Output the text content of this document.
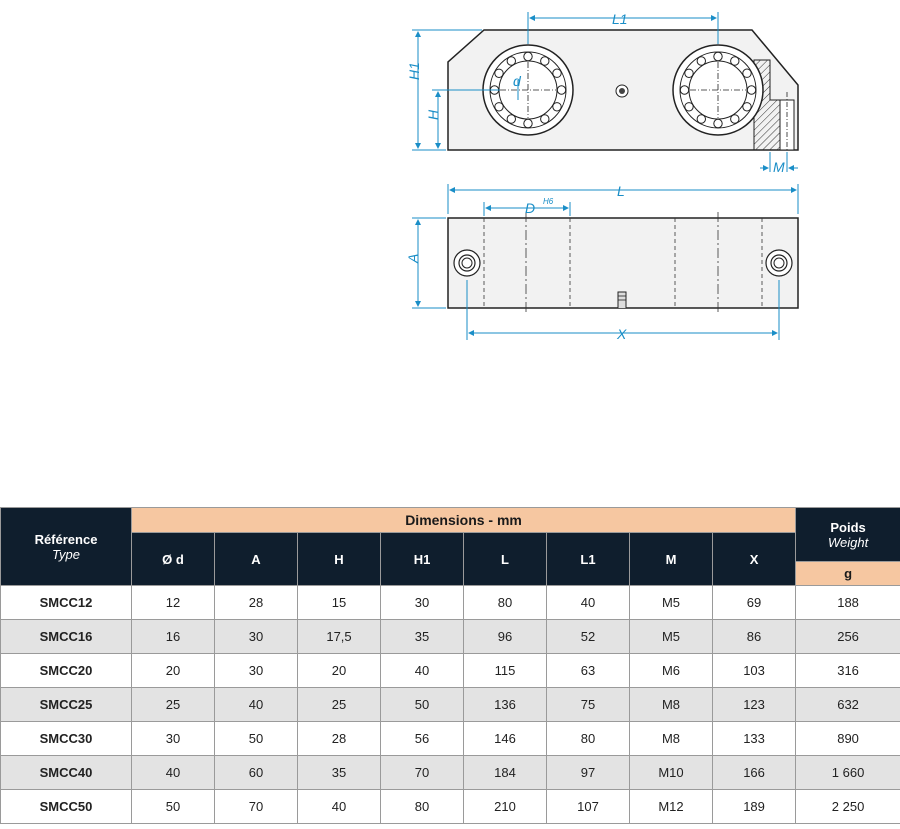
L1
H1
H
d
M
L
D H6
A
X
Référence
Type	Dimensions - mm								Poids
Weight

	Ø d	A	H	H1	L	L1	M	X	
									g
SMCC12	12	28	15	30	80	40	M5	69	188
SMCC16	16	30	17,5	35	96	52	M5	86	256
SMCC20	20	30	20	40	115	63	M6	103	316
SMCC25	25	40	25	50	136	75	M8	123	632
SMCC30	30	50	28	56	146	80	M8	133	890
SMCC40	40	60	35	70	184	97	M10	166	1 660
SMCC50	50	70	40	80	210	107	M12	189	2 250
